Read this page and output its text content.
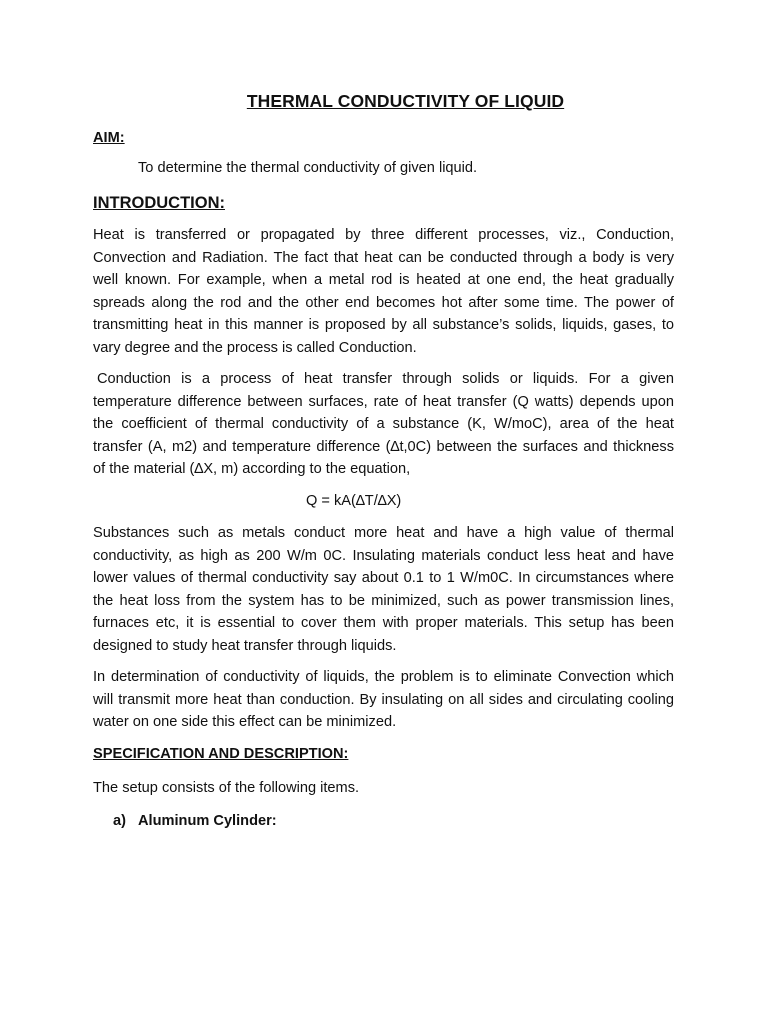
THERMAL CONDUCTIVITY OF LIQUID
AIM:
To determine the thermal conductivity of given liquid.
INTRODUCTION:

Heat is transferred or propagated by three different processes, viz., Conduction, Convection and Radiation. The fact that heat can be conducted through a body is very well known. For example, when a metal rod is heated at one end, the heat gradually spreads along the rod and the other end becomes hot after some time. The power of transmitting heat in this manner is proposed by all substance’s solids, liquids, gases, to vary degree and the process is called Conduction.

Conduction is a process of heat transfer through solids or liquids. For a given temperature difference between surfaces, rate of heat transfer (Q watts) depends upon the coefficient of thermal conductivity of a substance (K, W/moC), area of the heat transfer (A, m2) and temperature difference (∆t,0C) between the surfaces and thickness of the material (∆X, m) according to the equation,

Q = kA(∆T/∆X)

Substances such as metals conduct more heat and have a high value of thermal conductivity, as high as 200 W/m 0C. Insulating materials conduct less heat and have lower values of thermal conductivity say about 0.1 to 1 W/m0C. In circumstances where the heat loss from the system has to be minimized, such as power transmission lines, furnaces etc, it is essential to cover them with proper materials. This setup has been designed to study heat transfer through liquids.

In determination of conductivity of liquids, the problem is to eliminate Convection which will transmit more heat than conduction. By insulating on all sides and circulating cooling water on one side this effect can be minimized.

SPECIFICATION AND DESCRIPTION:
The setup consists of the following items.
a) Aluminum Cylinder:
